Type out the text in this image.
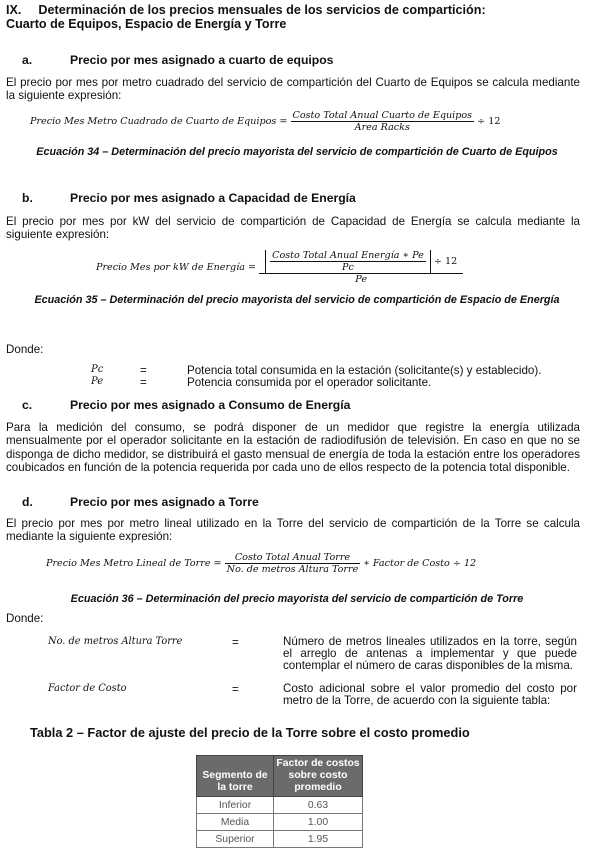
IX. Determinación de los precios mensuales de los servicios de compartición:
Cuarto de Equipos, Espacio de Energía y Torre
a.	Precio por mes asignado a cuarto de equipos
El precio por mes por metro cuadrado del servicio de compartición del Cuarto de Equipos se calcula mediante la siguiente expresión:
Precio Mes Metro Cuadrado de Cuarto de Equipos = $\frac{\text{Costo Total Anual Cuarto de Equipos}}{\text{Area Racks}} \div 12$
Ecuación 34 – Determinación del precio mayorista del servicio de compartición de Cuarto de Equipos
b.	Precio por mes asignado a Capacidad de Energía
El precio por mes por kW del servicio de compartición de Capacidad de Energía se calcula mediante la siguiente expresión:
Precio Mes por kW de Energía = $\frac{\text{Costo Total Anual Energía ∗ Pe}}{Pc} \div 12$
Pe
Ecuación 35 – Determinación del precio mayorista del servicio de compartición de Espacio de Energía
Donde:
Pc	=	Potencia total consumida en la estación (solicitante(s) y establecido).
Pe	=	Potencia consumida por el operador solicitante.
c.	Precio por mes asignado a Consumo de Energía
Para la medición del consumo, se podrá disponer de un medidor que registre la energía utilizada mensualmente por el operador solicitante en la estación de radiodifusión de televisión. En caso en que no se disponga de dicho medidor, se distribuirá el gasto mensual de energía de toda la estación entre los operadores coubicados en función de la potencia requerida por cada uno de ellos respecto de la potencia total disponible.
d.	Precio por mes asignado a Torre
El precio por mes por metro lineal utilizado en la Torre del servicio de compartición de la Torre se calcula mediante la siguiente expresión:
Precio Mes Metro Lineal de Torre = $\frac{\text{Costo Total Anual Torre}}{\text{No. de metros Altura Torre}}$ ∗ Factor de Costo ÷ 12
Ecuación 36 – Determinación del precio mayorista del servicio de compartición de Torre
Donde:
No. de metros Altura Torre	=	Número de metros lineales utilizados en la torre, según el arreglo de antenas a implementar y que puede contemplar el número de caras disponibles de la misma.
Factor de Costo	=	Costo adicional sobre el valor promedio del costo por metro de la Torre, de acuerdo con la siguiente tabla:
Tabla 2 – Factor de ajuste del precio de la Torre sobre el costo promedio
Segmento de la torre	Factor de costos sobre costo promedio
Inferior	0.63
Media	1.00
Superior	1.95
